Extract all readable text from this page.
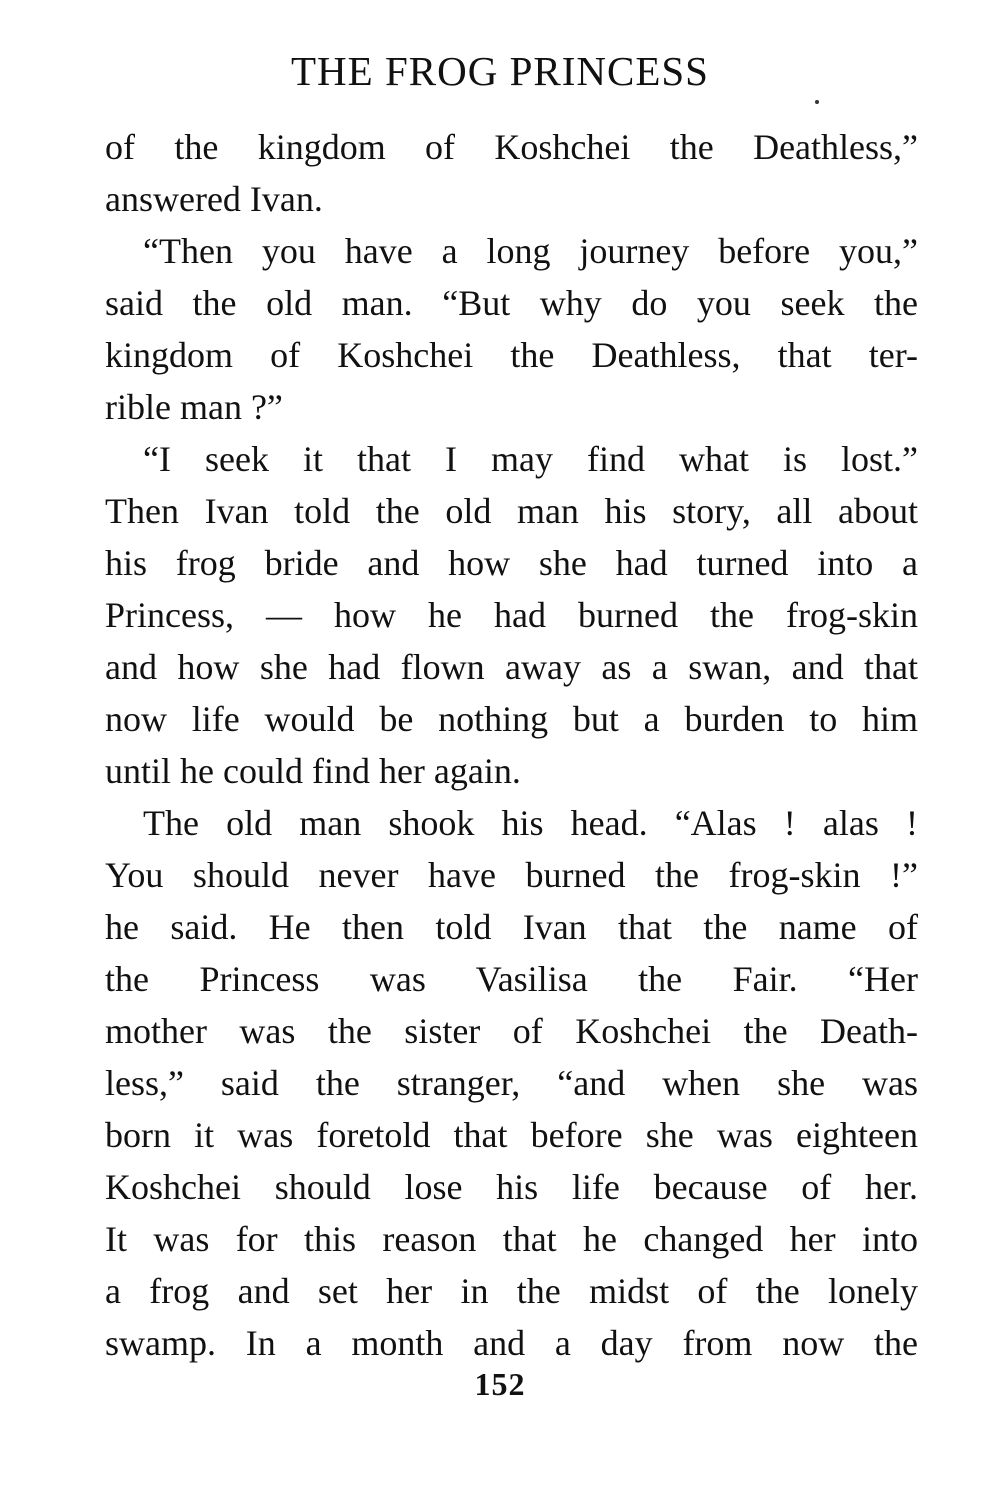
THE FROG PRINCESS
of the kingdom of Koshchei the Deathless,”
answered Ivan.
“Then you have a long journey before you,”
said the old man. “But why do you seek the
kingdom of Koshchei the Deathless, that ter-
rible man ?”
“I seek it that I may find what is lost.”
Then Ivan told the old man his story, all about
his frog bride and how she had turned into a
Princess, — how he had burned the frog-skin
and how she had flown away as a swan, and that
now life would be nothing but a burden to him
until he could find her again.
The old man shook his head. “Alas ! alas !
You should never have burned the frog-skin !”
he said. He then told Ivan that the name of
the Princess was Vasilisa the Fair. “Her
mother was the sister of Koshchei the Death-
less,” said the stranger, “and when she was
born it was foretold that before she was eighteen
Koshchei should lose his life because of her.
It was for this reason that he changed her into
a frog and set her in the midst of the lonely
swamp. In a month and a day from now the
152
